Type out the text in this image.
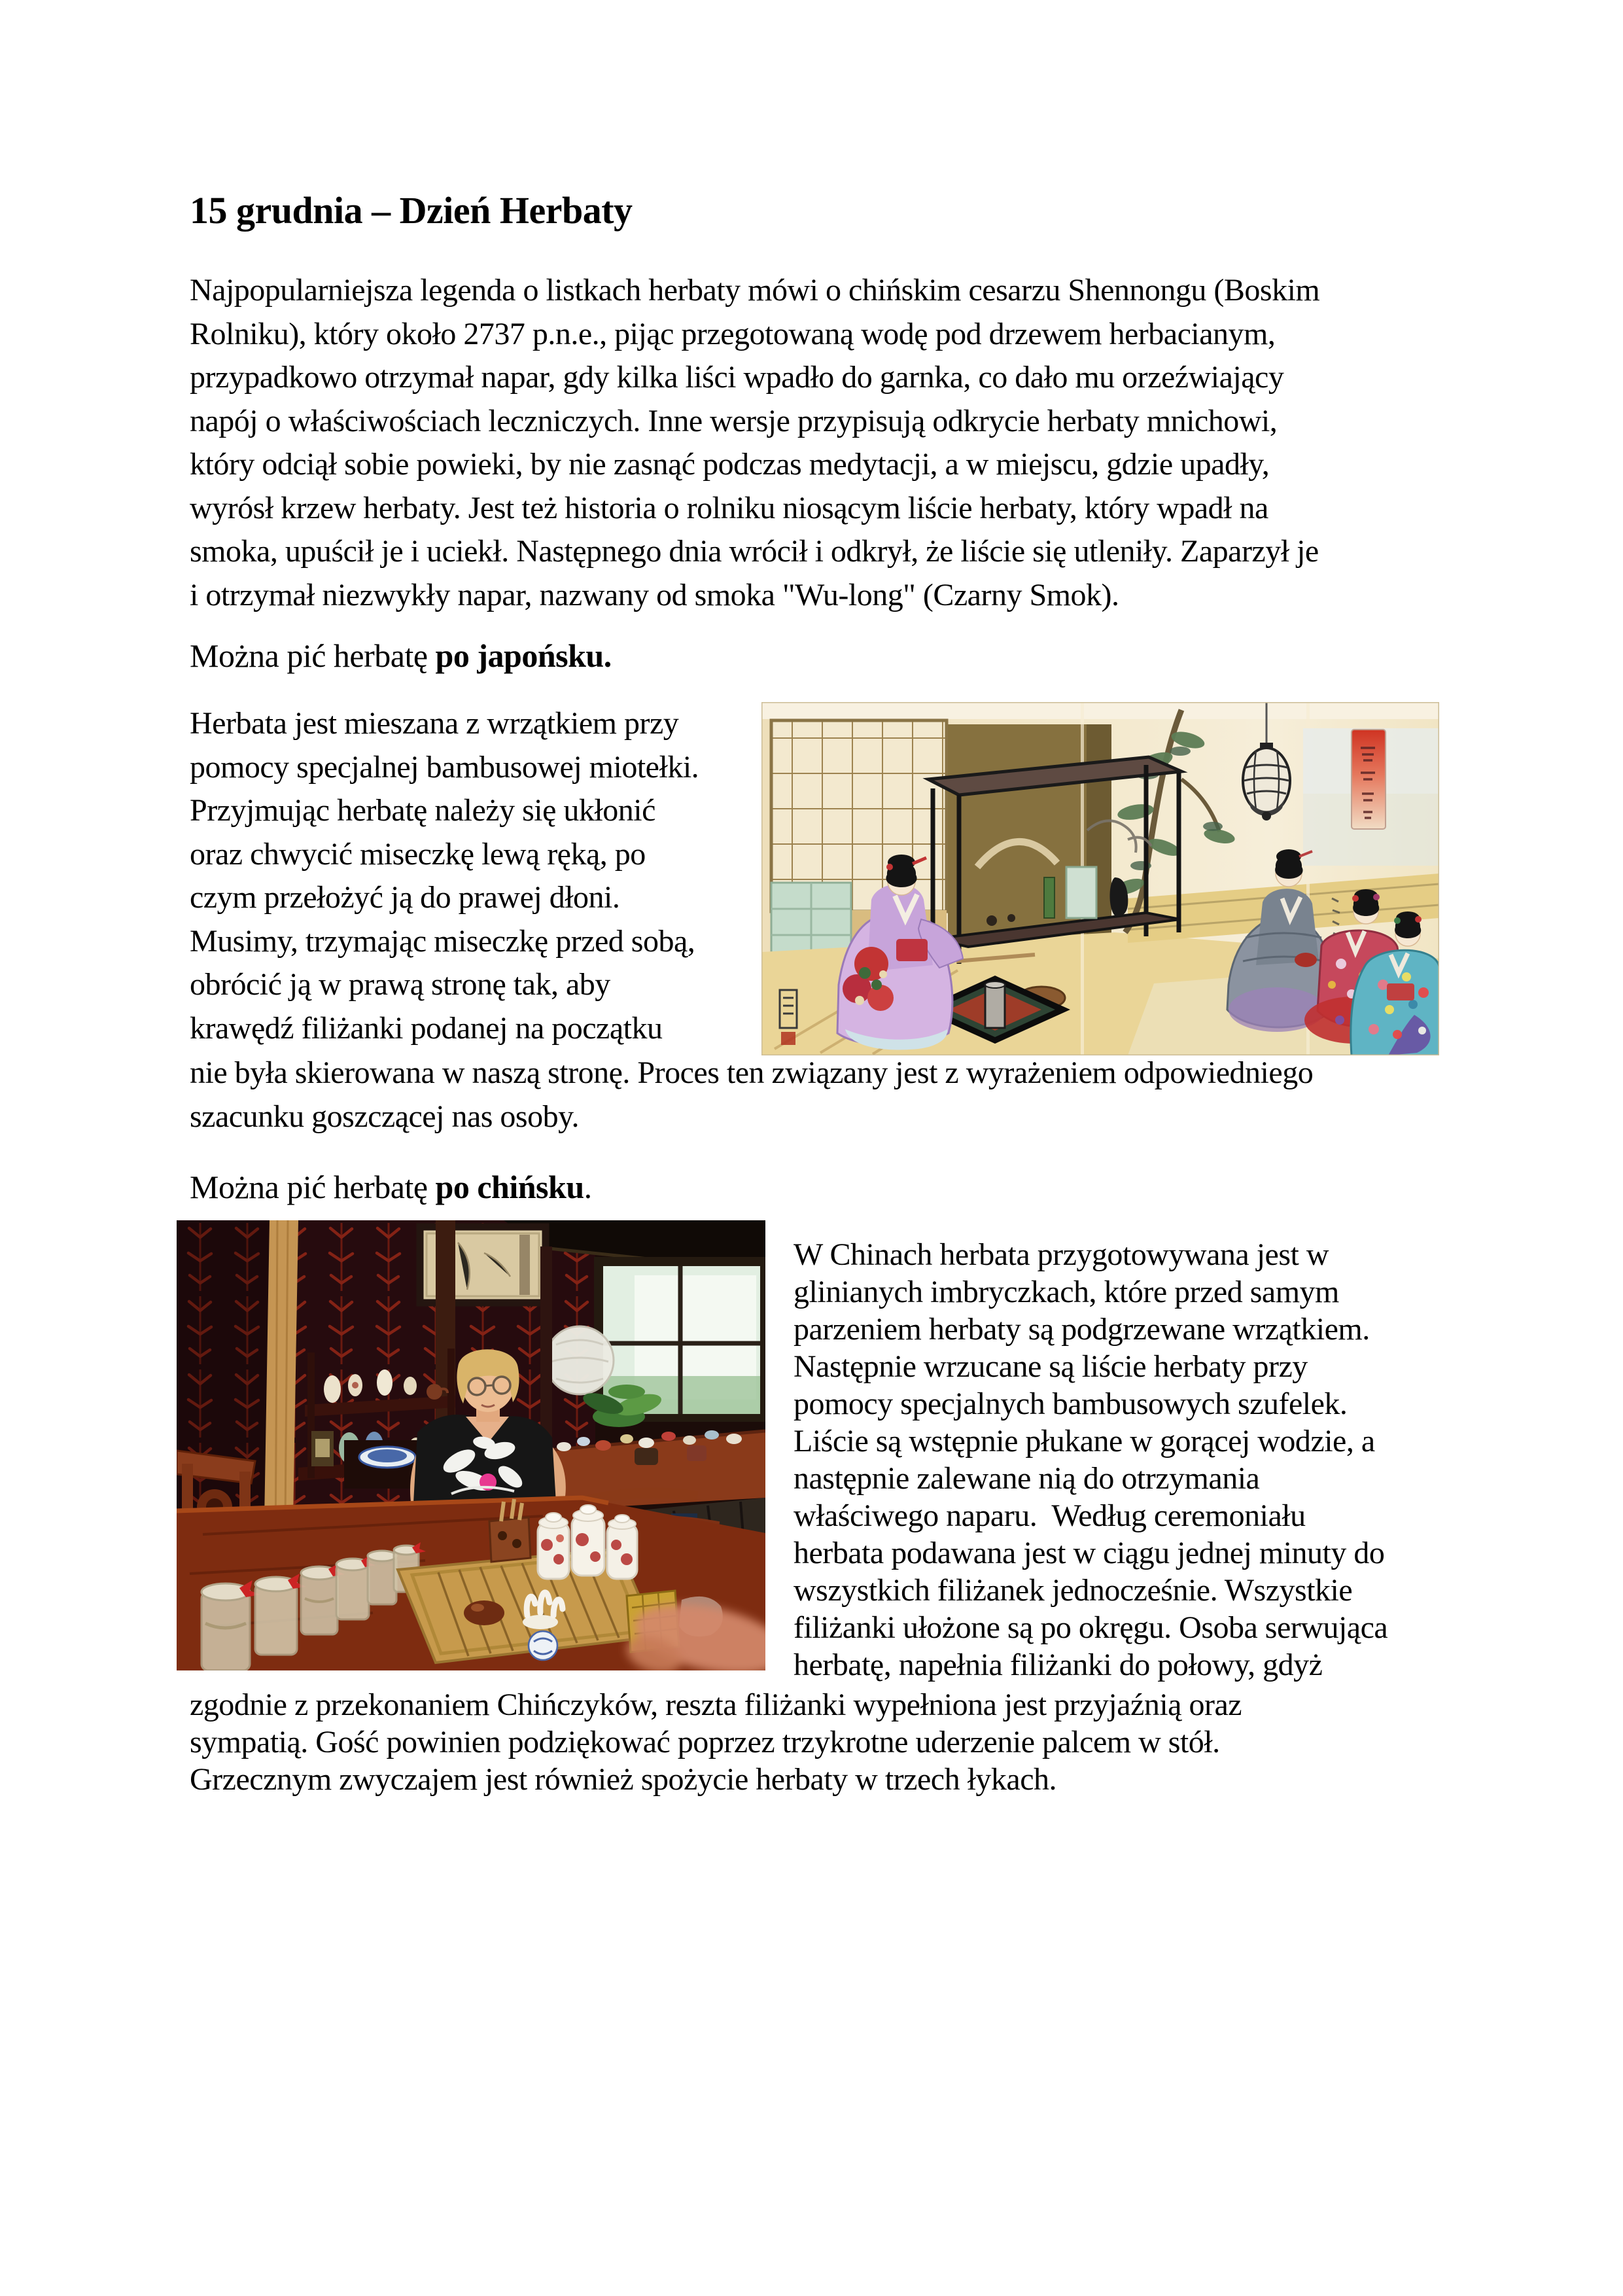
15 grudnia – Dzień Herbaty
Najpopularniejsza legenda o listkach herbaty mówi o chińskim cesarzu Shennongu (Boskim
Rolniku), który około 2737 p.n.e., pijąc przegotowaną wodę pod drzewem herbacianym,
przypadkowo otrzymał napar, gdy kilka liści wpadło do garnka, co dało mu orzeźwiający
napój o właściwościach leczniczych. Inne wersje przypisują odkrycie herbaty mnichowi,
który odciął sobie powieki, by nie zasnąć podczas medytacji, a w miejscu, gdzie upadły,
wyrósł krzew herbaty. Jest też historia o rolniku niosącym liście herbaty, który wpadł na
smoka, upuścił je i uciekł. Następnego dnia wrócił i odkrył, że liście się utleniły. Zaparzył je
i otrzymał niezwykły napar, nazwany od smoka "Wu-long" (Czarny Smok).
Można pić herbatę po japońsku.
Herbata jest mieszana z wrzątkiem przy
pomocy specjalnej bambusowej miotełki.
Przyjmując herbatę należy się ukłonić
oraz chwycić miseczkę lewą ręką, po
czym przełożyć ją do prawej dłoni.
Musimy, trzymając miseczkę przed sobą,
obrócić ją w prawą stronę tak, aby
krawędź filiżanki podanej na początku
nie była skierowana w naszą stronę. Proces ten związany jest z wyrażeniem odpowiedniego
szacunku goszczącej nas osoby.
Można pić herbatę po chińsku.
W Chinach herbata przygotowywana jest w
glinianych imbryczkach, które przed samym
parzeniem herbaty są podgrzewane wrzątkiem.
Następnie wrzucane są liście herbaty przy
pomocy specjalnych bambusowych szufelek.
Liście są wstępnie płukane w gorącej wodzie, a
następnie zalewane nią do otrzymania
właściwego naparu.  Według ceremoniału
herbata podawana jest w ciągu jednej minuty do
wszystkich filiżanek jednocześnie. Wszystkie
filiżanki ułożone są po okręgu. Osoba serwująca
herbatę, napełnia filiżanki do połowy, gdyż
zgodnie z przekonaniem Chińczyków, reszta filiżanki wypełniona jest przyjaźnią oraz
sympatią. Gość powinien podziękować poprzez trzykrotne uderzenie palcem w stół.
Grzecznym zwyczajem jest również spożycie herbaty w trzech łykach.
